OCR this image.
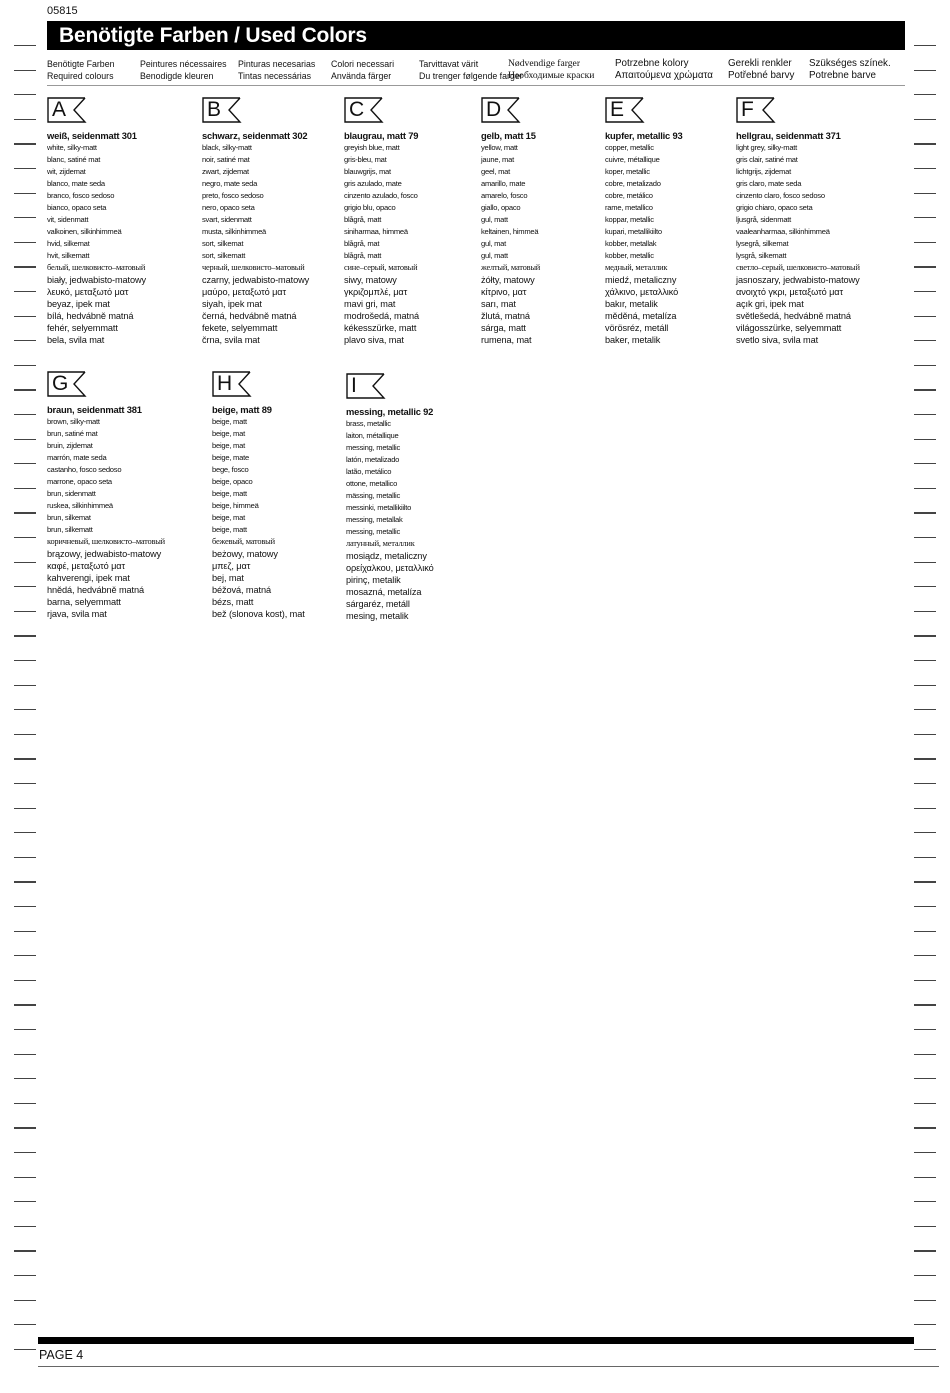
05815
Benötigte Farben / Used Colors
Benötigte Farben
Required colours
Peintures nécessaires
Benodigde kleuren
Pinturas necesarias
Tintas necessárias
Colori necessari
Använda färger
Tarvittavat värit
Du trenger følgende farger
Nødvendige farger
Необходимые краски
Potrzebne kolory
Απαιτούμενα χρώματα
Gerekli renkler
Potřebné barvy
Szükséges színek.
Potrebne barve
A
weiß, seidenmatt 301
white, silky-matt
blanc, satiné mat
wit, zijdemat
blanco, mate seda
branco, fosco sedoso
bianco, opaco seta
vit, sidenmatt
valkoinen, silkinhimmeä
hvid, silkemat
hvit, silkematt
белый, шелковисто–матовый
biały, jedwabisto-matowy
λευκό, μεταξωτό ματ
beyaz, ipek mat
bílá, hedvábně matná
fehér, selyemmatt
bela, svila mat
B
schwarz, seidenmatt 302
black, silky-matt
noir, satiné mat
zwart, zijdemat
negro, mate seda
preto, fosco sedoso
nero, opaco seta
svart, sidenmatt
musta, silkinhimmeä
sort, silkemat
sort, silkematt
черный, шелковисто–матовый
czarny, jedwabisto-matowy
μαύρο, μεταξωτό ματ
siyah, ipek mat
černá, hedvábně matná
fekete, selyemmatt
črna, svila mat
C
blaugrau, matt 79
greyish blue, matt
gris-bleu, mat
blauwgrijs, mat
gris azulado, mate
cinzento azulado, fosco
grigio blu, opaco
blågrå, matt
siniharmaa, himmeä
blågrå, mat
blågrå, matt
сине–серый, матовый
siwy, matowy
γκριζομπλέ, ματ
mavi gri, mat
modrošedá, matná
kékesszürke, matt
plavo siva, mat
D
gelb, matt 15
yellow, matt
jaune, mat
geel, mat
amarillo, mate
amarelo, fosco
giallo, opaco
gul, matt
keltainen, himmeä
gul, mat
gul, matt
желтый, матовый
żółty, matowy
κίτρινο, ματ
sarı, mat
žlutá, matná
sárga, matt
rumena, mat
E
kupfer, metallic 93
copper, metallic
cuivre, métallique
koper, metallic
cobre, metalizado
cobre, metálico
rame, metallico
koppar, metallic
kupari, metallikiilto
kobber, metallak
kobber, metallic
медный, металлик
miedź, metaliczny
χάλκινο, μεταλλικό
bakır, metalik
měděná, metalíza
vörösréz, metáll
baker, metalik
F
hellgrau, seidenmatt 371
light grey, silky-matt
gris clair, satiné mat
lichtgrijs, zijdemat
gris claro, mate seda
cinzento claro, fosco sedoso
grigio chiaro, opaco seta
ljusgrå, sidenmatt
vaaleanharmaa, silkinhimmeä
lysegrå, silkemat
lysgrå, silkematt
светло–серый, шелковисто–матовый
jasnoszary, jedwabisto-matowy
ανοιχτό γκρι, μεταξωτό ματ
açık gri, ipek mat
světlešedá, hedvábně matná
világosszürke, selyemmatt
svetlo siva, svila mat
G
braun, seidenmatt 381
brown, silky-matt
brun, satiné mat
bruin, zijdemat
marrón, mate seda
castanho, fosco sedoso
marrone, opaco seta
brun, sidenmatt
ruskea, silkinhimmeä
brun, silkemat
brun, silkematt
коричневый, шелковисто–матовый
brązowy, jedwabisto-matowy
καφέ, μεταξωτό ματ
kahverengi, ipek mat
hnědá, hedvábně matná
barna, selyemmatt
rjava, svila mat
H
beige, matt 89
beige, matt
beige, mat
beige, mat
beige, mate
bege, fosco
beige, opaco
beige, matt
beige, himmeä
beige, mat
beige, matt
бежевый, матовый
beżowy, matowy
μπεζ, ματ
bej, mat
béžová, matná
bézs, matt
bež (slonova kost), mat
I
messing, metallic 92
brass, metallic
laiton, métallique
messing, metallic
latón, metalizado
latão, metálico
ottone, metallico
mässing, metallic
messinki, metallikiilto
messing, metallak
messing, metallic
латунный, металлик
mosiądz, metaliczny
ορείχαλκου, μεταλλικό
pirinç, metalik
mosazná, metalíza
sárgaréz, metáll
mesing, metalik
PAGE 4
